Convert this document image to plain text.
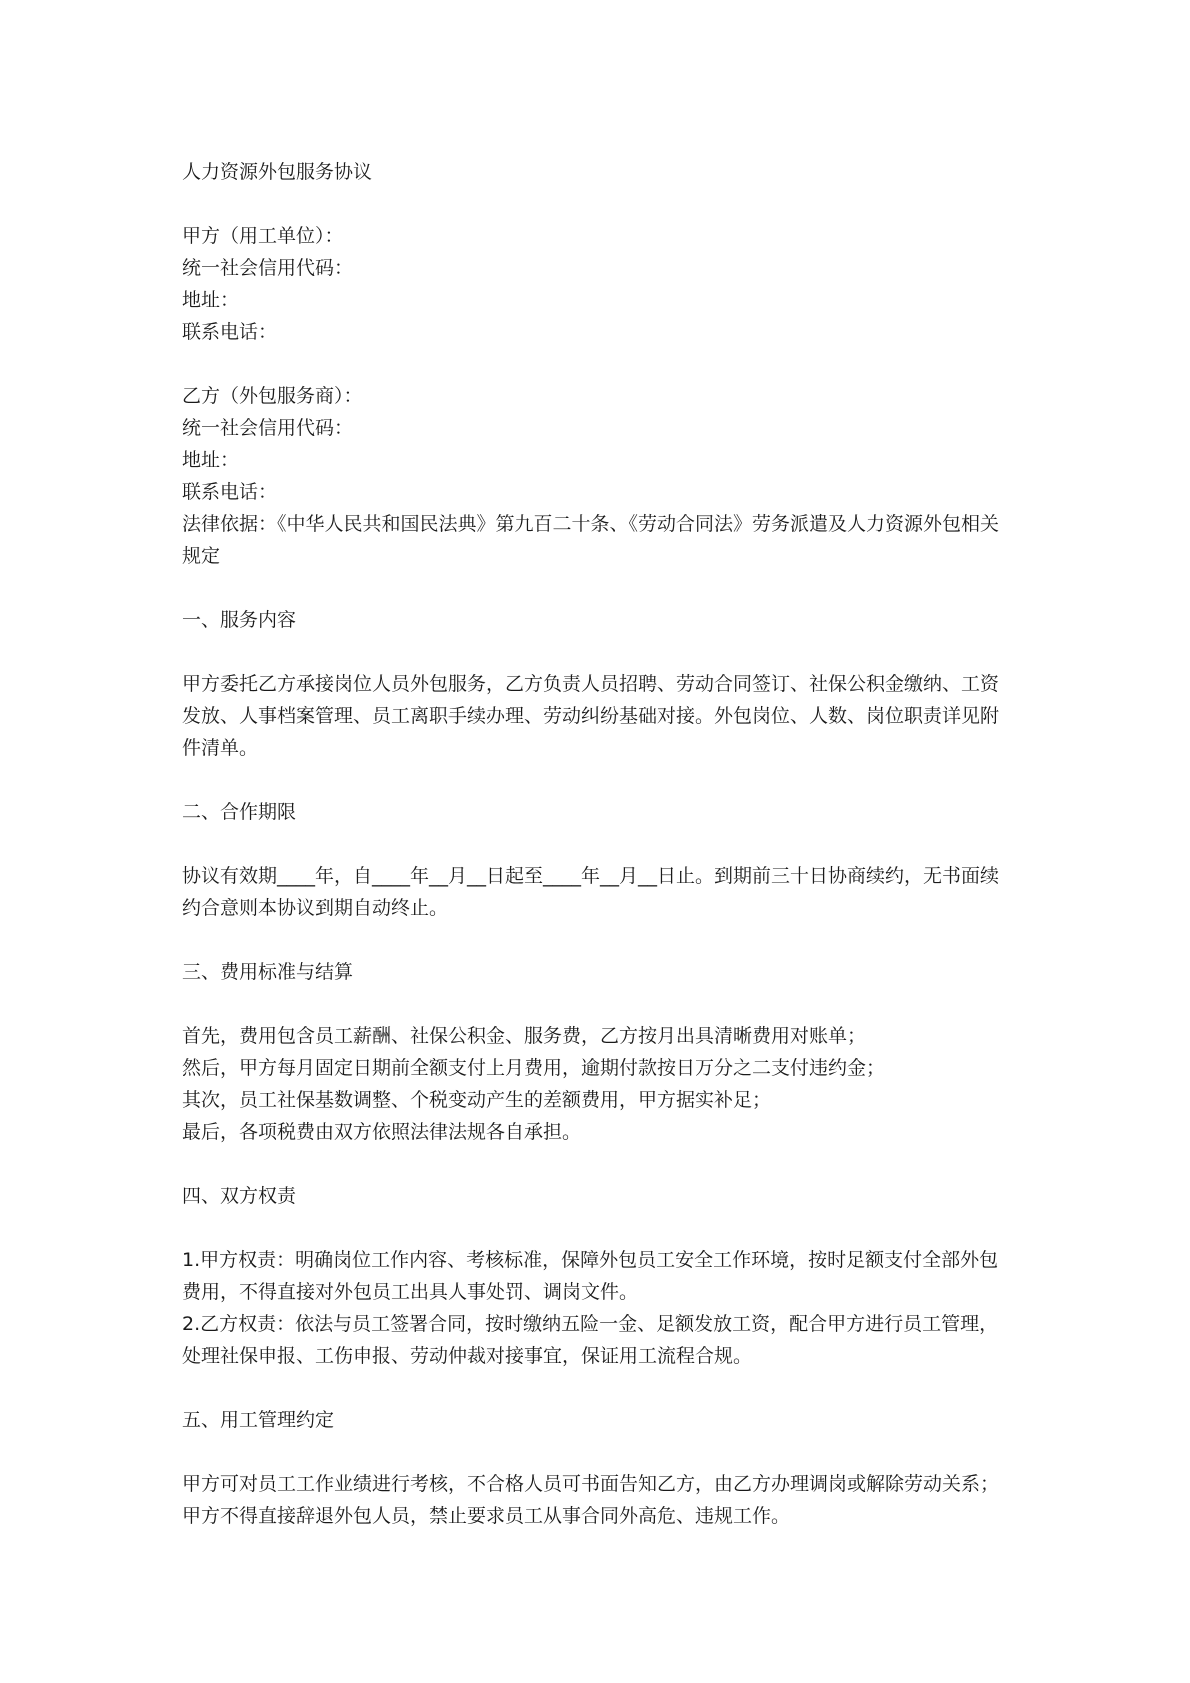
人力资源外包服务协议

甲方（用工单位）：

统一社会信用代码：

地址：

联系电话：

乙方（外包服务商）：

统一社会信用代码：

地址：

联系电话：

法律依据：《中华人民共和国民法典》第九百二十条、《劳动合同法》劳务派遣及人力资源外包相关规定

一、服务内容

甲方委托乙方承接岗位人员外包服务，乙方负责人员招聘、劳动合同签订、社保公积金缴纳、工资发放、人事档案管理、员工离职手续办理、劳动纠纷基础对接。外包岗位、人数、岗位职责详见附件清单。

二、合作期限

协议有效期____年，自____年__月__日起至____年__月__日止。到期前三十日协商续约，无书面续约合意则本协议到期自动终止。

三、费用标准与结算

首先，费用包含员工薪酬、社保公积金、服务费，乙方按月出具清晰费用对账单；

然后，甲方每月固定日期前全额支付上月费用，逾期付款按日万分之二支付违约金；

其次，员工社保基数调整、个税变动产生的差额费用，甲方据实补足；

最后，各项税费由双方依照法律法规各自承担。

四、双方权责

1.甲方权责：明确岗位工作内容、考核标准，保障外包员工安全工作环境，按时足额支付全部外包费用，不得直接对外包员工出具人事处罚、调岗文件。

2.乙方权责：依法与员工签署合同，按时缴纳五险一金、足额发放工资，配合甲方进行员工管理，处理社保申报、工伤申报、劳动仲裁对接事宜，保证用工流程合规。

五、用工管理约定

甲方可对员工工作业绩进行考核，不合格人员可书面告知乙方，由乙方办理调岗或解除劳动关系；甲方不得直接辞退外包人员，禁止要求员工从事合同外高危、违规工作。
